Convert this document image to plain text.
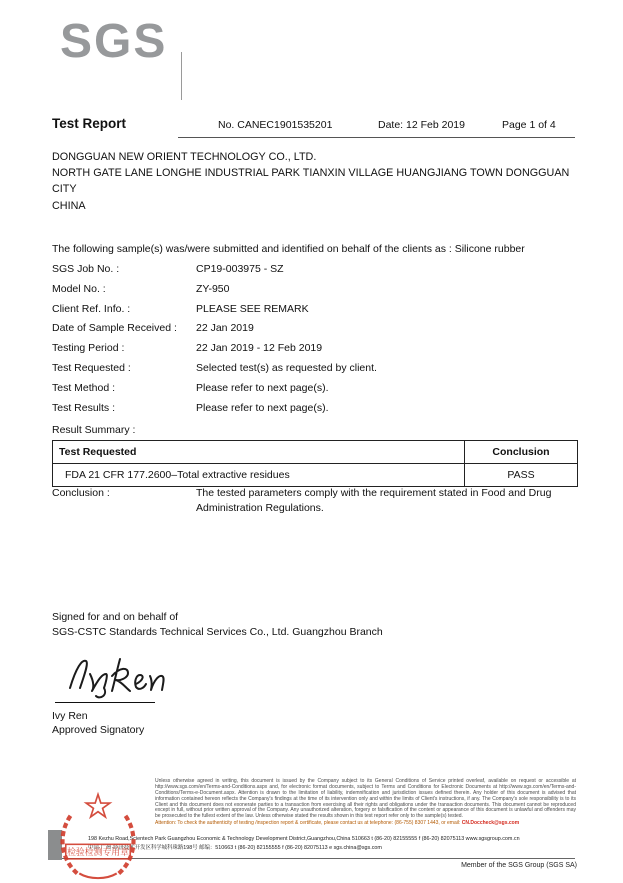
SGS
Test Report	No. CANEC1901535201	Date: 12 Feb 2019	Page 1 of 4
DONGGUAN NEW ORIENT TECHNOLOGY CO., LTD.
NORTH GATE LANE LONGHE INDUSTRIAL PARK TIANXIN VILLAGE HUANGJIANG TOWN DONGGUAN CITY
CHINA
The following sample(s) was/were submitted and identified on behalf of the clients as : Silicone rubber
SGS Job No. :	CP19-003975 - SZ
Model No. :	ZY-950
Client Ref. Info. :	PLEASE SEE REMARK
Date of Sample Received :	22 Jan 2019
Testing Period :	22 Jan 2019 - 12 Feb 2019
Test Requested :	Selected test(s) as requested by client.
Test Method :	Please refer to next page(s).
Test Results :	Please refer to next page(s).
Result Summary :
Test Requested	Conclusion
FDA 21 CFR 177.2600–Total extractive residues	PASS
Conclusion :	The tested parameters comply with the requirement stated in Food and Drug Administration Regulations.
Signed for and on behalf of
SGS-CSTC Standards Technical Services Co., Ltd. Guangzhou Branch
Ivy Ren
Approved Signatory
检验检测专用章
Unless otherwise agreed in writing, this document is issued by the Company subject to its General Conditions of Service printed overleaf, available on request or accessible at http://www.sgs.com/en/Terms-and-Conditions.aspx and, for electronic format documents, subject to Terms and Conditions for Electronic Documents at http://www.sgs.com/en/Terms-and-Conditions/Terms-e-Document.aspx. Attention is drawn to the limitation of liability, indemnification and jurisdiction issues defined therein. Any holder of this document is advised that information contained hereon reflects the Company's findings at the time of its intervention only and within the limits of Client's instructions, if any. The Company's sole responsibility is to its Client and this document does not exonerate parties to a transaction from exercising all their rights and obligations under the transaction documents. This document cannot be reproduced except in full, without prior written approval of the Company. Any unauthorized alteration, forgery or falsification of the content or appearance of this document is unlawful and offenders may be prosecuted to the fullest extent of the law. Unless otherwise stated the results shown in this test report refer only to the sample(s) tested.
Attention: To check the authenticity of testing /inspection report & certificate, please contact us at telephone: (86-755) 8307 1443, or email: CN.Doccheck@sgs.com
198 Kezhu Road,Scientech Park Guangzhou Economic & Technology Development District,Guangzhou,China 510663 t (86-20) 82155555 f (86-20) 82075113 www.sgsgroup.com.cn
中国·广州·经济技术开发区科学城科珠路198号 邮编：510663 t (86-20) 82155555 f (86-20) 82075113 e sgs.china@sgs.com
Member of the SGS Group (SGS SA)
